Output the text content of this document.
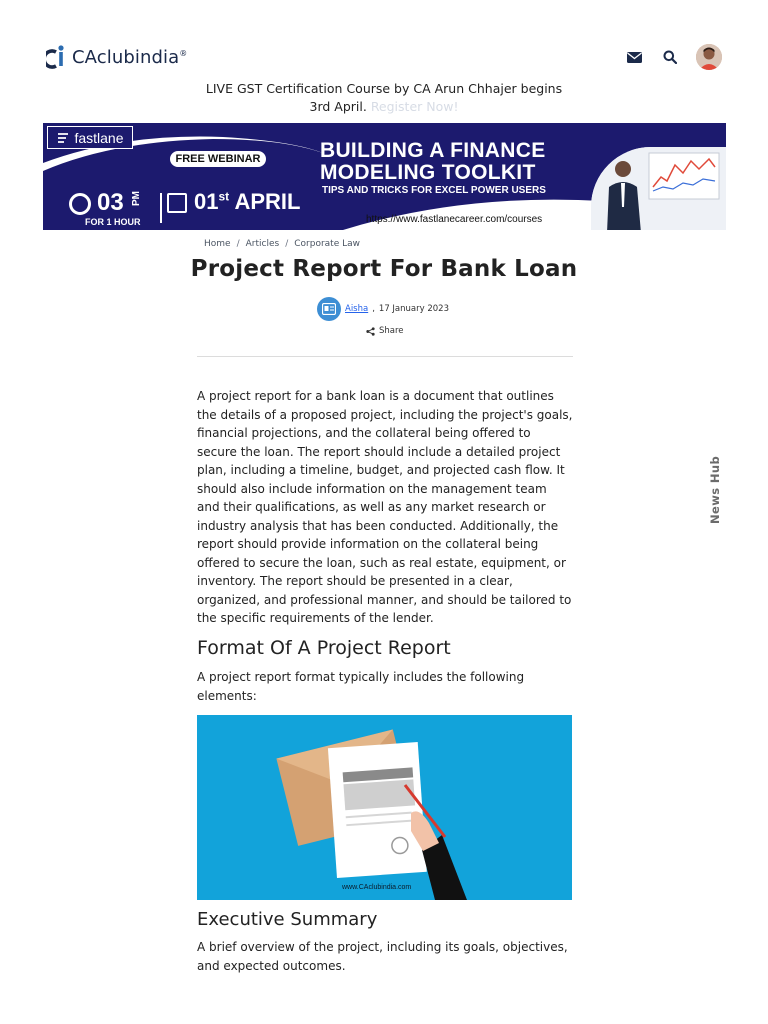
CAclubindia®
LIVE GST Certification Course by CA Arun Chhajer begins 3rd April. Register Now!
fastlane
FREE WEBINAR	BUILDING A FINANCE
MODELING TOOLKIT
TIPS AND TRICKS FOR EXCEL POWER USERS
03 PM
FOR 1 HOUR
01st APRIL
https://www.fastlanecareer.com/courses
Home / Articles / Corporate Law
Project Report For Bank Loan
Aisha , 17 January 2023
Share

A project report for a bank loan is a document that outlines the details of a proposed project, including the project's goals, financial projections, and the collateral being offered to secure the loan. The report should include a detailed project plan, including a timeline, budget, and projected cash flow. It should also include information on the management team and their qualifications, as well as any market research or industry analysis that has been conducted. Additionally, the report should provide information on the collateral being offered to secure the loan, such as real estate, equipment, or inventory. The report should be presented in a clear, organized, and professional manner, and should be tailored to the specific requirements of the lender.

Format Of A Project Report

A project report format typically includes the following elements:

www.CAclubindia.com
Executive Summary

A brief overview of the project, including its goals, objectives, and expected outcomes.

News Hub
